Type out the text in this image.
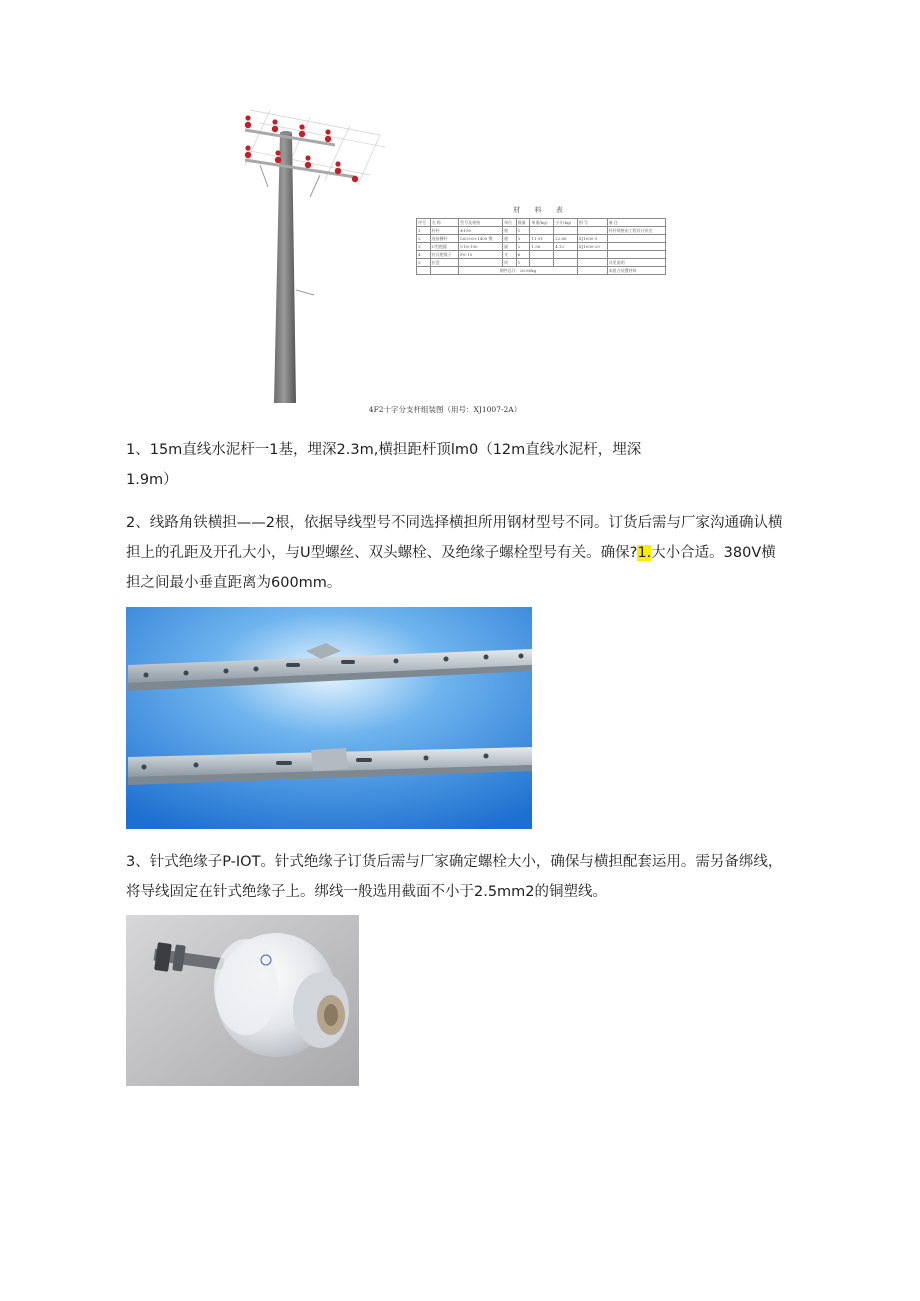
材 料 表
序号	名 称	型号及规格	单位	数量	单重(kg)	小计(kg)	图 号	备 注
1	杆杆	Φ190	根	1				杆杆规格由工程设计决定
2	连接横杆	L63×6×1400 镀	根	3	11.91	22.68	XJ1000-3	
3	U型抱箍	U16-190	副	2	1.56	4.12	XJ1000-29	
4	针式绝缘子	PS-15	支	6				
5	拉盘		块	1				详见说明
		钢件总计：26.80kg						本组合装置材料
4F2十字分支杆组装图（用号：XJ1007-2A）
1、15m直线水泥杆一1基，埋深2.3m,横担距杆顶lm0（12m直线水泥杆，埋深1.9m）
2、线路角铁横担——2根，依据导线型号不同选择横担所用钢材型号不同。订货后需与厂家沟通确认横担上的孔距及开孔大小，与U型螺丝、双头螺栓、及绝缘子螺栓型号有关。确保?1.大小合适。380V横担之间最小垂直距离为600mm。
3、针式绝缘子P-IOT。针式绝缘子订货后需与厂家确定螺栓大小，确保与横担配套运用。需另备绑线，将导线固定在针式绝缘子上。绑线一般选用截面不小于2.5mm2的铜塑线。
